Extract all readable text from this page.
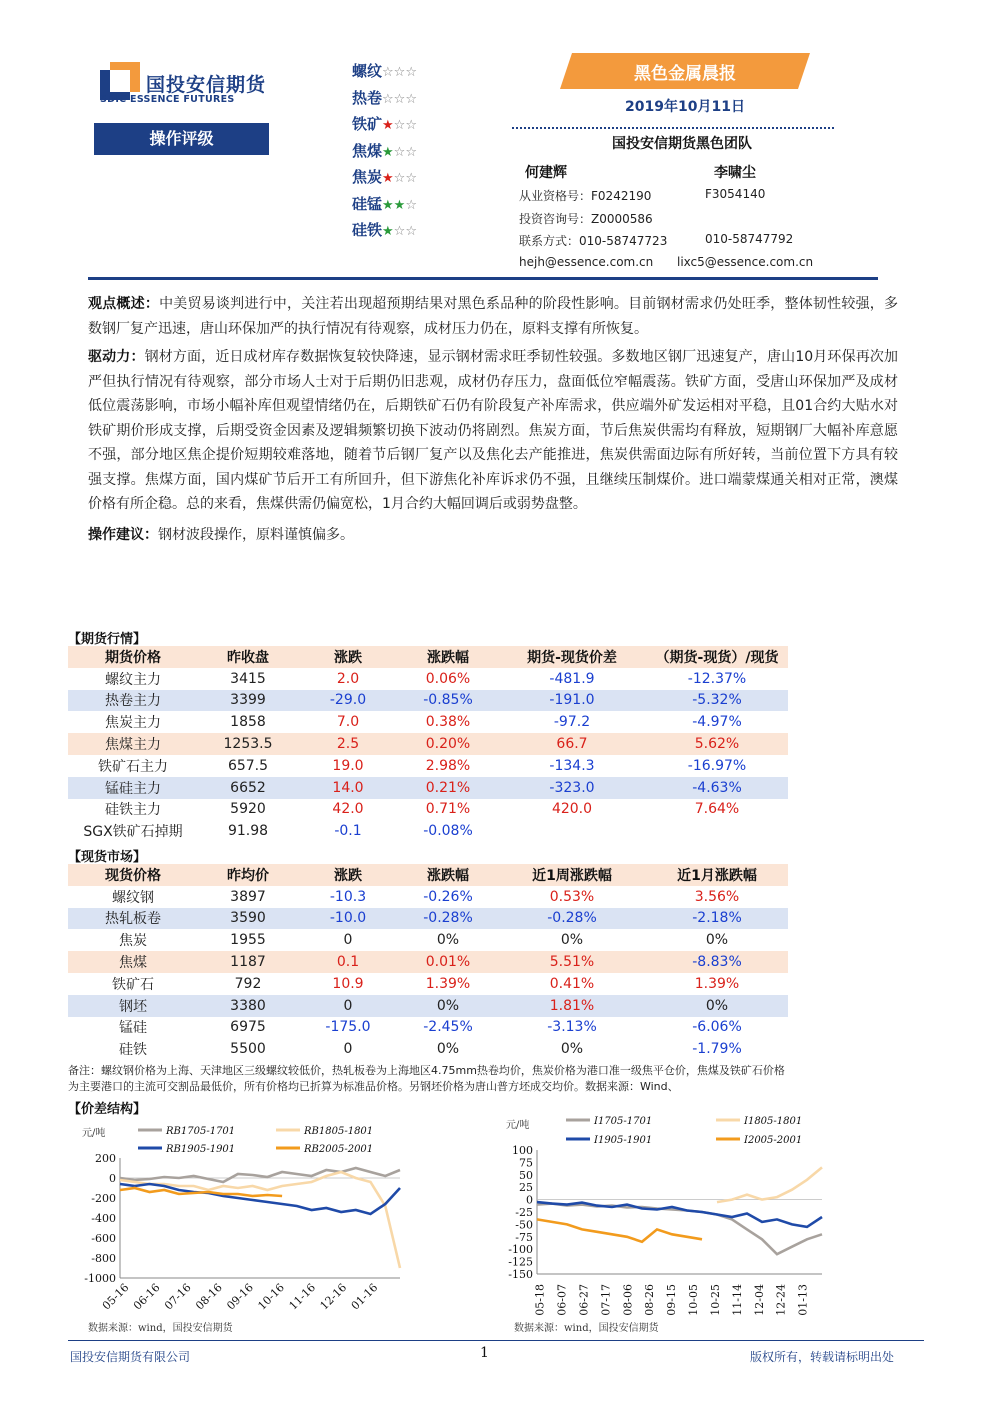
国投安信期货
SDIC ESSENCE FUTURES
操作评级
螺纹☆☆☆
热卷☆☆☆
铁矿★☆☆
焦煤★☆☆
焦炭★☆☆
硅锰★★☆
硅铁★☆☆
黑色金属晨报
2019年10月11日
国投安信期货黑色团队
何建辉	李啸尘
从业资格号：F0242190	F3054140
投资咨询号：Z0000586
联系方式：010-58747723	010-58747792
hejh@essence.com.cn lixc5@essence.com.cn

观点概述：中美贸易谈判进行中，关注若出现超预期结果对黑色系品种的阶段性影响。目前钢材需求仍处旺季，整体韧性较强，多数钢厂复产迅速，唐山环保加严的执行情况有待观察，成材压力仍在，原料支撑有所恢复。

驱动力：钢材方面，近日成材库存数据恢复较快降速，显示钢材需求旺季韧性较强。多数地区钢厂迅速复产，唐山10月环保再次加严但执行情况有待观察，部分市场人士对于后期仍旧悲观，成材仍存压力，盘面低位窄幅震荡。铁矿方面，受唐山环保加严及成材低位震荡影响，市场小幅补库但观望情绪仍在，后期铁矿石仍有阶段复产补库需求，供应端外矿发运相对平稳，且01合约大贴水对铁矿期价形成支撑，后期受资金因素及逻辑频繁切换下波动仍将剧烈。焦炭方面，节后焦炭供需均有释放，短期钢厂大幅补库意愿不强，部分地区焦企提价短期较难落地，随着节后钢厂复产以及焦化去产能推进，焦炭供需面边际有所好转，当前位置下方具有较强支撑。焦煤方面，国内煤矿节后开工有所回升，但下游焦化补库诉求仍不强，且继续压制煤价。进口端蒙煤通关相对正常，澳煤价格有所企稳。总的来看，焦煤供需仍偏宽松，1月合约大幅回调后或弱势盘整。

操作建议：钢材波段操作，原料谨慎偏多。

【期货行情】
期货价格	昨收盘	涨跌	涨跌幅	期货-现货价差	（期货-现货）/现货
螺纹主力	3415	2.0	0.06%	-481.9	-12.37%
热卷主力	3399	-29.0	-0.85%	-191.0	-5.32%
焦炭主力	1858	7.0	0.38%	-97.2	-4.97%
焦煤主力	1253.5	2.5	0.20%	66.7	5.62%
铁矿石主力	657.5	19.0	2.98%	-134.3	-16.97%
锰硅主力	6652	14.0	0.21%	-323.0	-4.63%
硅铁主力	5920	42.0	0.71%	420.0	7.64%
SGX铁矿石掉期	91.98	-0.1	-0.08%		
【现货市场】
现货价格	昨均价	涨跌	涨跌幅	近1周涨跌幅	近1月涨跌幅
螺纹钢	3897	-10.3	-0.26%	0.53%	3.56%
热轧板卷	3590	-10.0	-0.28%	-0.28%	-2.18%
焦炭	1955	0	0%	0%	0%
焦煤	1187	0.1	0.01%	5.51%	-8.83%
铁矿石	792	10.9	1.39%	0.41%	1.39%
钢坯	3380	0	0%	1.81%	0%
锰硅	6975	-175.0	-2.45%	-3.13%	-6.06%
硅铁	5500	0	0%	0%	-1.79%
备注：螺纹钢价格为上海、天津地区三级螺纹较低价，热轧板卷为上海地区4.75mm热卷均价，焦炭价格为港口准一级焦平仓价，焦煤及铁矿石价格为主要港口的主流可交割品最低价，所有价格均已折算为标准品价格。另钢坯价格为唐山普方坯成交均价。数据来源：Wind、
【价差结构】
元/吨
200
0
-200
-400
-600
-800
-1000
05-16 06-16 07-16 08-16 09-16 10-16 11-16 12-16 01-16
RB1705-1701	RB1805-1801
RB1905-1901	RB2005-2001
数据来源：wind，国投安信期货
元/吨
100
75
50
25
0
-25
-50
-75
-100
-125
-150
05-18 06-07 06-27 07-17 08-06 08-26 09-15 10-05 10-25 11-14 12-04 12-24 01-13
I1705-1701	I1805-1801
I1905-1901	I2005-2001
数据来源：wind，国投安信期货
国投安信期货有限公司	1	版权所有，转载请标明出处
